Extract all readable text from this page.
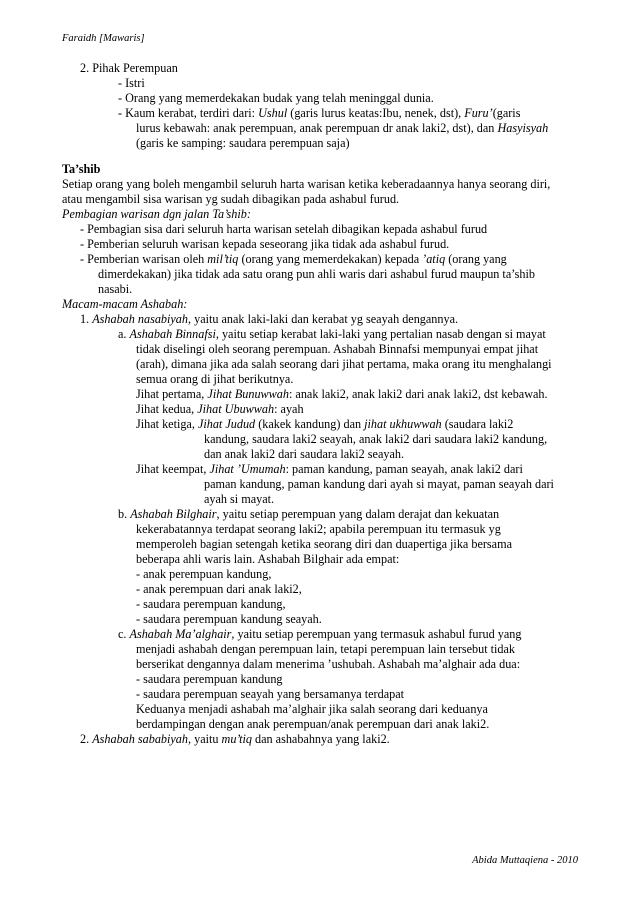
Faraidh [Mawaris]
2. Pihak Perempuan
- Istri
- Orang yang memerdekakan budak yang telah meninggal dunia.
- Kaum kerabat, terdiri dari: Ushul (garis lurus keatas:Ibu, nenek, dst), Furu’(garis
lurus kebawah: anak perempuan, anak perempuan dr anak laki2, dst), dan Hasyisyah
(garis ke samping: saudara perempuan saja)
Ta’shib
Setiap orang yang boleh mengambil seluruh harta warisan ketika keberadaannya hanya seorang diri,
atau mengambil sisa warisan yg sudah dibagikan pada ashabul furud.
Pembagian warisan dgn jalan Ta’shib:
- Pembagian sisa dari seluruh harta warisan setelah dibagikan kepada ashabul furud
- Pemberian seluruh warisan kepada seseorang jika tidak ada ashabul furud.
- Pemberian warisan oleh mil’tiq (orang yang memerdekakan) kepada ’atiq (orang yang
dimerdekakan) jika tidak ada satu orang pun ahli waris dari ashabul furud maupun ta’shib
nasabi.
Macam-macam Ashabah:
1. Ashabah nasabiyah, yaitu anak laki-laki dan kerabat yg seayah dengannya.
a. Ashabah Binnafsi, yaitu setiap kerabat laki-laki yang pertalian nasab dengan si mayat
tidak diselingi oleh seorang perempuan. Ashabah Binnafsi mempunyai empat jihat
(arah), dimana jika ada salah seorang dari jihat pertama, maka orang itu menghalangi
semua orang di jihat berikutnya.
Jihat pertama, Jihat Bunuwwah: anak laki2, anak laki2 dari anak laki2, dst kebawah.
Jihat kedua, Jihat Ubuwwah: ayah
Jihat ketiga, Jihat Judud (kakek kandung) dan jihat ukhuwwah (saudara laki2
kandung, saudara laki2 seayah, anak laki2 dari saudara laki2 kandung,
dan anak laki2 dari saudara laki2 seayah.
Jihat keempat, Jihat ’Umumah: paman kandung, paman seayah, anak laki2 dari
paman kandung, paman kandung dari ayah si mayat, paman seayah dari
ayah si mayat.
b. Ashabah Bilghair, yaitu setiap perempuan yang dalam derajat dan kekuatan
kekerabatannya terdapat seorang laki2; apabila perempuan itu termasuk yg
memperoleh bagian setengah ketika seorang diri dan duapertiga jika bersama
beberapa ahli waris lain. Ashabah Bilghair ada empat:
- anak perempuan kandung,
- anak perempuan dari anak laki2,
- saudara perempuan kandung,
- saudara perempuan kandung seayah.
c. Ashabah Ma’alghair, yaitu setiap perempuan yang termasuk ashabul furud yang
menjadi ashabah dengan perempuan lain, tetapi perempuan lain tersebut tidak
berserikat dengannya dalam menerima ’ushubah. Ashabah ma’alghair ada dua:
- saudara perempuan kandung
- saudara perempuan seayah yang bersamanya terdapat
Keduanya menjadi ashabah ma’alghair jika salah seorang dari keduanya
berdampingan dengan anak perempuan/anak perempuan dari anak laki2.
2. Ashabah sababiyah, yaitu mu’tiq dan ashabahnya yang laki2.
Abida Muttaqiena - 2010
